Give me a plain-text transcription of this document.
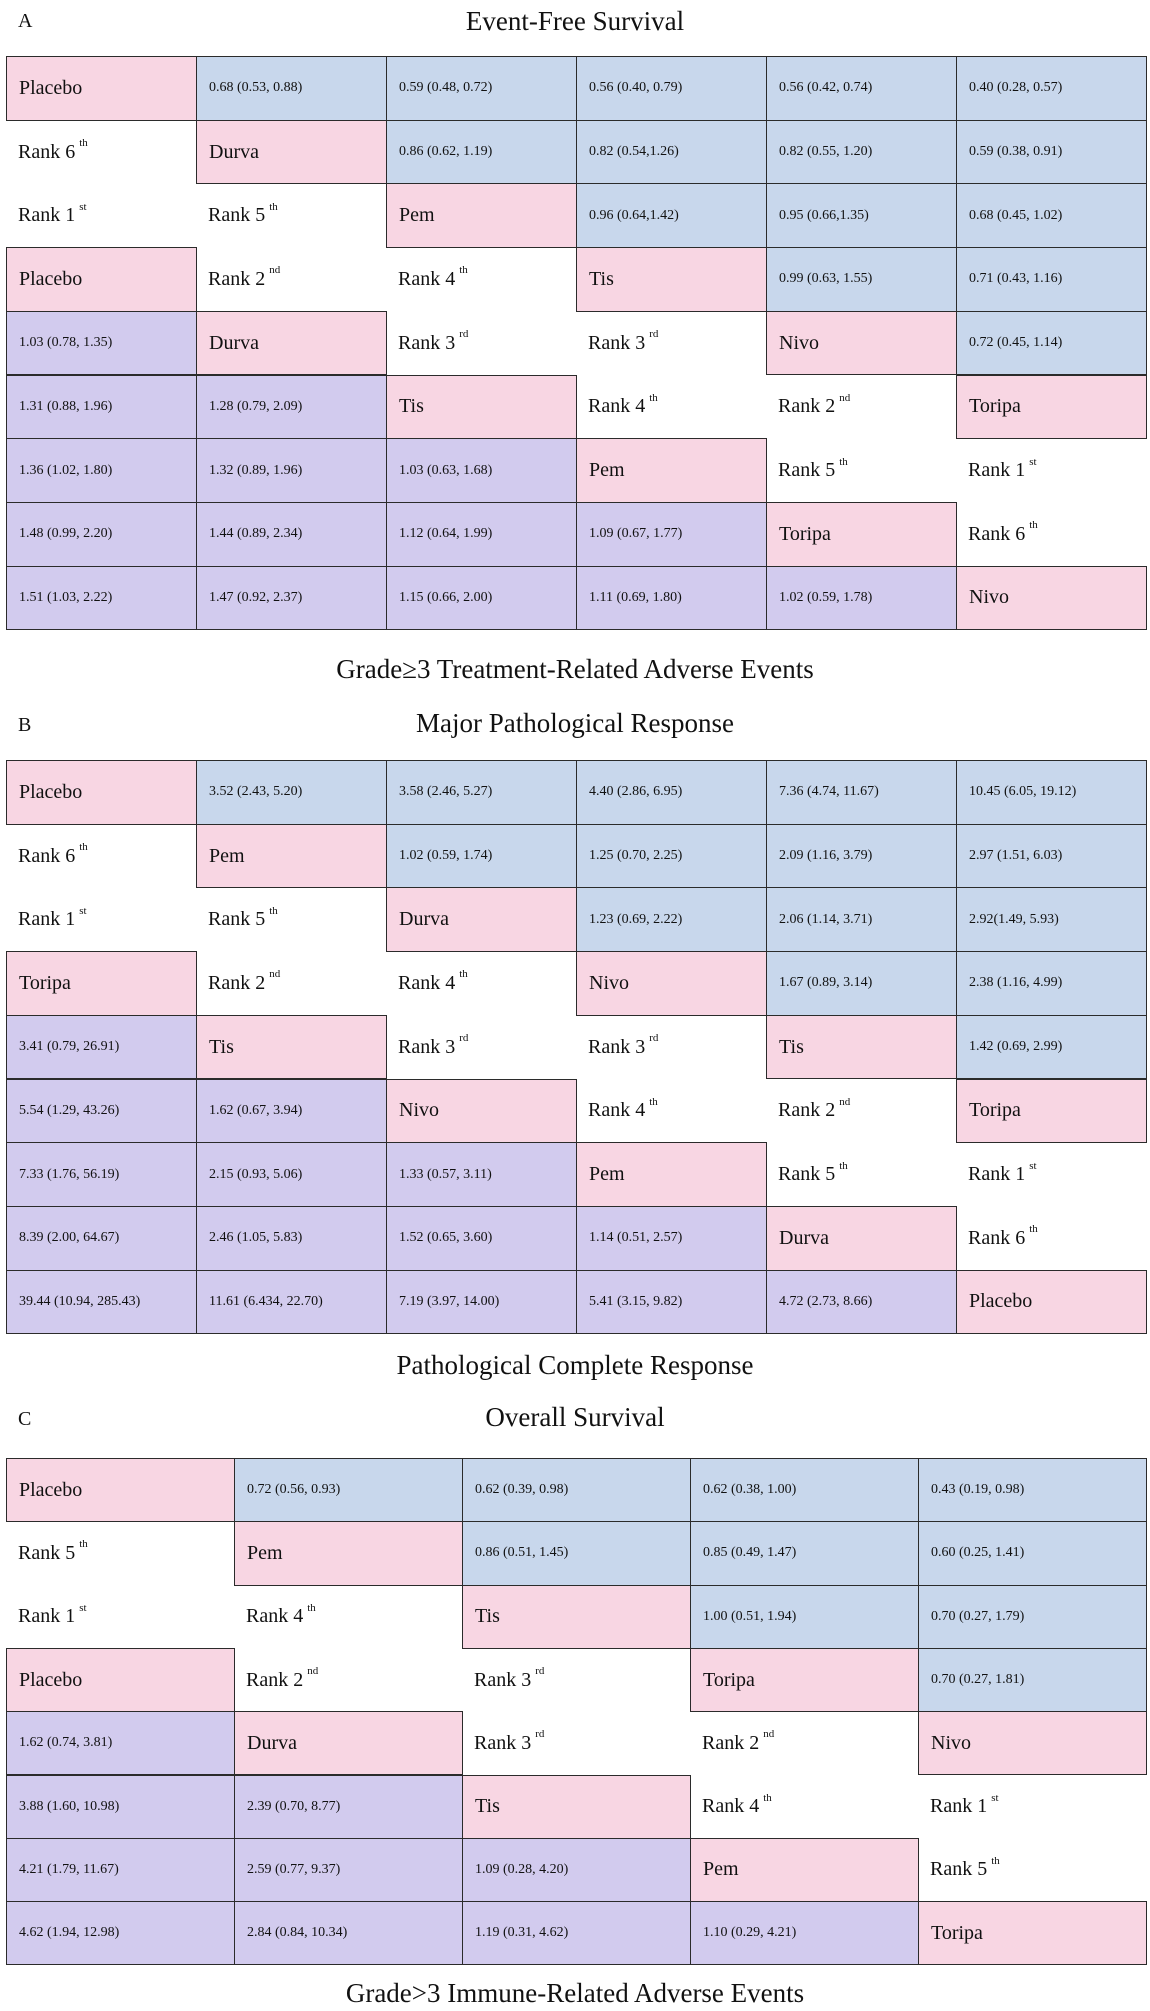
A	Event-Free Survival
Placebo	0.68 (0.53, 0.88)	0.59 (0.48, 0.72)	0.56 (0.40, 0.79)	0.56 (0.42, 0.74)	0.40 (0.28, 0.57)
Rank 6 th	Durva	0.86 (0.62, 1.19)	0.82 (0.54,1.26)	0.82 (0.55, 1.20)	0.59 (0.38, 0.91)
Rank 1 st	Rank 5 th	Pem	0.96 (0.64,1.42)	0.95 (0.66,1.35)	0.68 (0.45, 1.02)
Placebo	Rank 2 nd	Rank 4 th	Tis	0.99 (0.63, 1.55)	0.71 (0.43, 1.16)
1.03 (0.78, 1.35)	Durva	Rank 3 rd	Rank 3 rd	Nivo	0.72 (0.45, 1.14)
1.31 (0.88, 1.96)	1.28 (0.79, 2.09)	Tis	Rank 4 th	Rank 2 nd	Toripa
1.36 (1.02, 1.80)	1.32 (0.89, 1.96)	1.03 (0.63, 1.68)	Pem	Rank 5 th	Rank 1 st
1.48 (0.99, 2.20)	1.44 (0.89, 2.34)	1.12 (0.64, 1.99)	1.09 (0.67, 1.77)	Toripa	Rank 6 th
1.51 (1.03, 2.22)	1.47 (0.92, 2.37)	1.15 (0.66, 2.00)	1.11 (0.69, 1.80)	1.02 (0.59, 1.78)	Nivo
Grade≥3 Treatment-Related Adverse Events
B	Major Pathological Response
Placebo	3.52 (2.43, 5.20)	3.58 (2.46, 5.27)	4.40 (2.86, 6.95)	7.36 (4.74, 11.67)	10.45 (6.05, 19.12)
Rank 6 th	Pem	1.02 (0.59, 1.74)	1.25 (0.70, 2.25)	2.09 (1.16, 3.79)	2.97 (1.51, 6.03)
Rank 1 st	Rank 5 th	Durva	1.23 (0.69, 2.22)	2.06 (1.14, 3.71)	2.92(1.49, 5.93)
Toripa	Rank 2 nd	Rank 4 th	Nivo	1.67 (0.89, 3.14)	2.38 (1.16, 4.99)
3.41 (0.79, 26.91)	Tis	Rank 3 rd	Rank 3 rd	Tis	1.42 (0.69, 2.99)
5.54 (1.29, 43.26)	1.62 (0.67, 3.94)	Nivo	Rank 4 th	Rank 2 nd	Toripa
7.33 (1.76, 56.19)	2.15 (0.93, 5.06)	1.33 (0.57, 3.11)	Pem	Rank 5 th	Rank 1 st
8.39 (2.00, 64.67)	2.46 (1.05, 5.83)	1.52 (0.65, 3.60)	1.14 (0.51, 2.57)	Durva	Rank 6 th
39.44 (10.94, 285.43)	11.61 (6.434, 22.70)	7.19 (3.97, 14.00)	5.41 (3.15, 9.82)	4.72 (2.73, 8.66)	Placebo
Pathological Complete Response
C	Overall Survival
Placebo	0.72 (0.56, 0.93)	0.62 (0.39, 0.98)	0.62 (0.38, 1.00)	0.43 (0.19, 0.98)
Rank 5 th	Pem	0.86 (0.51, 1.45)	0.85 (0.49, 1.47)	0.60 (0.25, 1.41)
Rank 1 st	Rank 4 th	Tis	1.00 (0.51, 1.94)	0.70 (0.27, 1.79)
Placebo	Rank 2 nd	Rank 3 rd	Toripa	0.70 (0.27, 1.81)
1.62 (0.74, 3.81)	Durva	Rank 3 rd	Rank 2 nd	Nivo
3.88 (1.60, 10.98)	2.39 (0.70, 8.77)	Tis	Rank 4 th	Rank 1 st
4.21 (1.79, 11.67)	2.59 (0.77, 9.37)	1.09 (0.28, 4.20)	Pem	Rank 5 th
4.62 (1.94, 12.98)	2.84 (0.84, 10.34)	1.19 (0.31, 4.62)	1.10 (0.29, 4.21)	Toripa
Grade>3 Immune-Related Adverse Events
